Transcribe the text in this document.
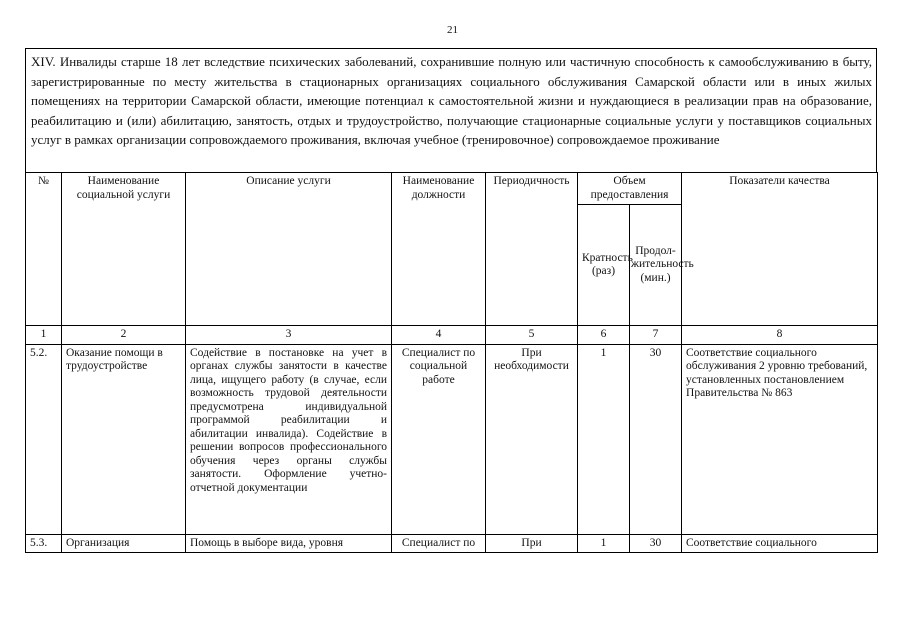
21
XIV. Инвалиды старше 18 лет вследствие психических заболеваний, сохранившие полную или частичную способность к самообслуживанию в быту, зарегистрированные по месту жительства в стационарных организациях социального обслуживания Самарской области или в иных жилых помещениях на территории Самарской области, имеющие потенциал к самостоятельной жизни и нуждающиеся в реализации прав на образование, реабилитацию и (или) абилитацию, занятость, отдых и трудоустройство, получающие стационарные социальные услуги у поставщиков социальных услуг в рамках организации сопровождаемого проживания, включая учебное (тренировочное) сопровождаемое проживание
№	Наименование социальной услуги	Описание услуги	Наименование должности	Периодичность	Объем предоставления		Показатели качества
					Кратность (раз)	Продол-жительность (мин.)	
1	2	3	4	5	6	7	8
5.2.	Оказание помощи в трудоустройстве	Содействие в постановке на учет в органах службы занятости в качестве лица, ищущего работу (в случае, если возможность трудовой деятельности предусмотрена индивидуальной программой реабилитации и абилитации инвалида). Содействие в решении вопросов профессионального обучения через органы службы занятости. Оформление учетно-отчетной документации	Специалист по социальной работе	При необходимости	1	30	Соответствие социального обслуживания 2 уровню требований, установленных постановлением Правительства № 863
5.3.	Организация	Помощь в выборе вида, уровня	Специалист по	При	1	30	Соответствие социального
